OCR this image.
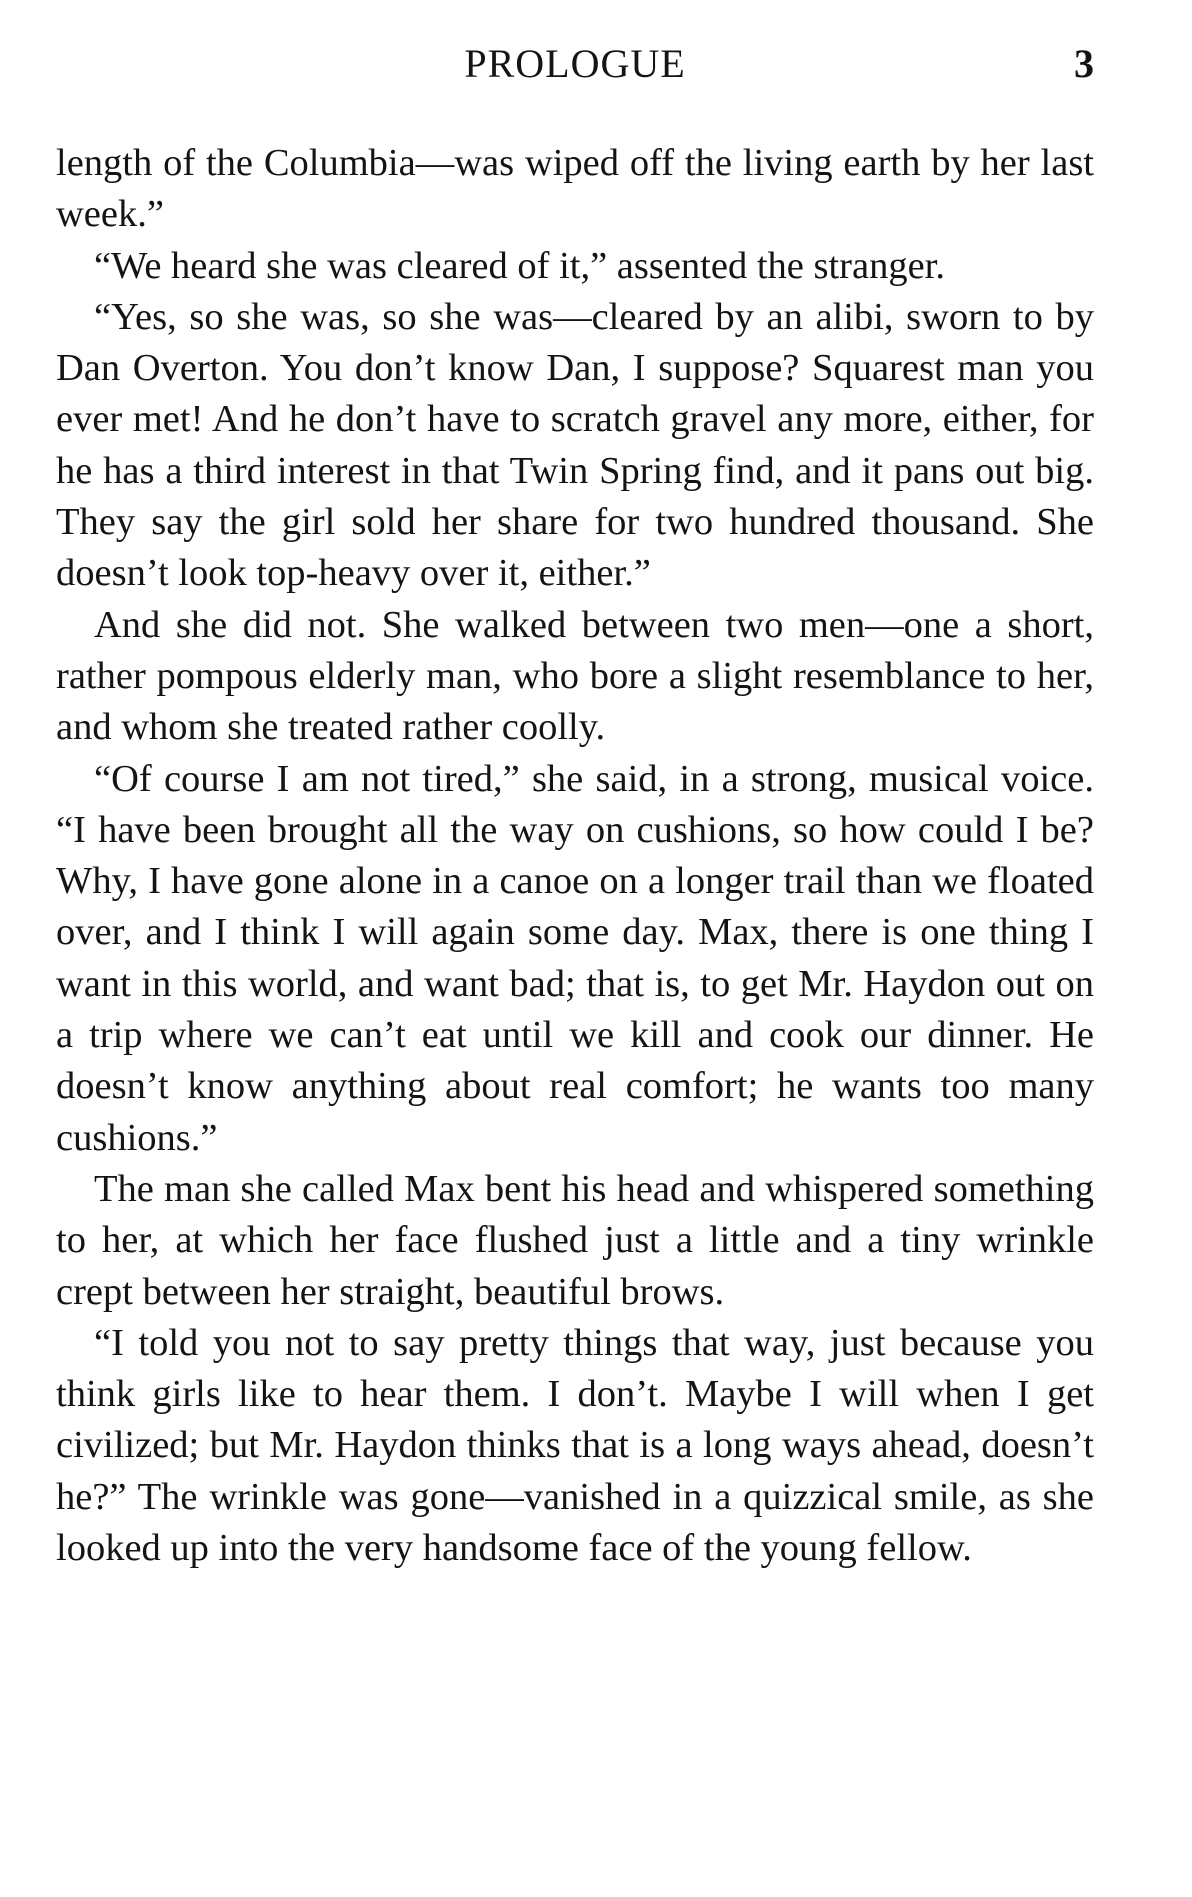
PROLOGUE	3

length of the Columbia—was wiped off the living earth by her last week.”

“We heard she was cleared of it,” assented the stranger.

“Yes, so she was, so she was—cleared by an alibi, sworn to by Dan Overton. You don’t know Dan, I suppose? Squarest man you ever met! And he don’t have to scratch gravel any more, either, for he has a third interest in that Twin Spring find, and it pans out big. They say the girl sold her share for two hundred thousand. She doesn’t look top-heavy over it, either.”

And she did not. She walked between two men—one a short, rather pompous elderly man, who bore a slight resemblance to her, and whom she treated rather coolly.

“Of course I am not tired,” she said, in a strong, musical voice. “I have been brought all the way on cushions, so how could I be? Why, I have gone alone in a canoe on a longer trail than we floated over, and I think I will again some day. Max, there is one thing I want in this world, and want bad; that is, to get Mr. Haydon out on a trip where we can’t eat until we kill and cook our dinner. He doesn’t know anything about real comfort; he wants too many cushions.”

The man she called Max bent his head and whispered something to her, at which her face flushed just a little and a tiny wrinkle crept between her straight, beautiful brows.

“I told you not to say pretty things that way, just because you think girls like to hear them. I don’t. Maybe I will when I get civilized; but Mr. Haydon thinks that is a long ways ahead, doesn’t he?” The wrinkle was gone—vanished in a quizzical smile, as she looked up into the very handsome face of the young fellow.
